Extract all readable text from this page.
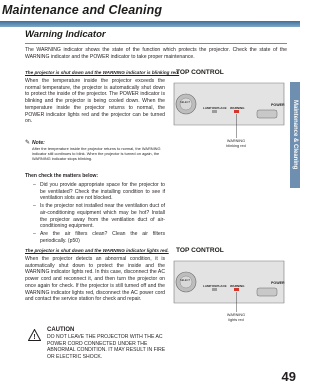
Maintenance and Cleaning
Maintenance & Cleaning
Warning Indicator
The WARNING indicator shows the state of the function which protects the projector. Check the state of the WARNING indicator and the POWER indicator to take proper maintenance.
The projector is shut down and the WARNING indicator is blinking red.
When the temperature inside the projector exceeds the normal temperature, the projector is automatically shut down to protect the inside of the projector. The POWER indicator is blinking and the projector is being cooled down. When the temperature inside the projector returns to normal, the POWER indicator lights red and the projector can be turned on.
✎ Note:
After the temperature inside the projector returns to normal, the WARNING indicator still continues to blink. When the projector is turned on again, the WARNING indicator stops blinking.
Then check the matters below:
– Did you provide appropriate space for the projector to be ventilated? Check the installing condition to see if ventilation slots are not blocked.
– Is the projector not installed near the ventilation duct of air-conditioning equipment which may be hot? Install the projector away from the ventilation duct of air-conditioning equipment.
– Are the air filters clean? Clean the air filters periodically. (p50)
TOP CONTROL
POWER
LAMP REPLACE WARNING
SELECT
WARNING
blinking red
The projector is shut down and the WARNING indicator lights red.
When the projector detects an abnormal condition, it is automatically shut down to protect the inside and the WARNING indicator lights red. In this case, disconnect the AC power cord and reconnect it, and then turn the projector on once again for check. If the projector is still turned off and the WARNING indicator lights red, disconnect the AC power cord and contact the service station for check and repair.
TOP CONTROL
POWER
LAMP REPLACE WARNING
SELECT
WARNING
lights red
!
CAUTION
DO NOT LEAVE THE PROJECTOR WITH THE AC POWER CORD CONNECTED UNDER THE ABNORMAL CONDITION. IT MAY RESULT IN FIRE OR ELECTRIC SHOCK.
49
